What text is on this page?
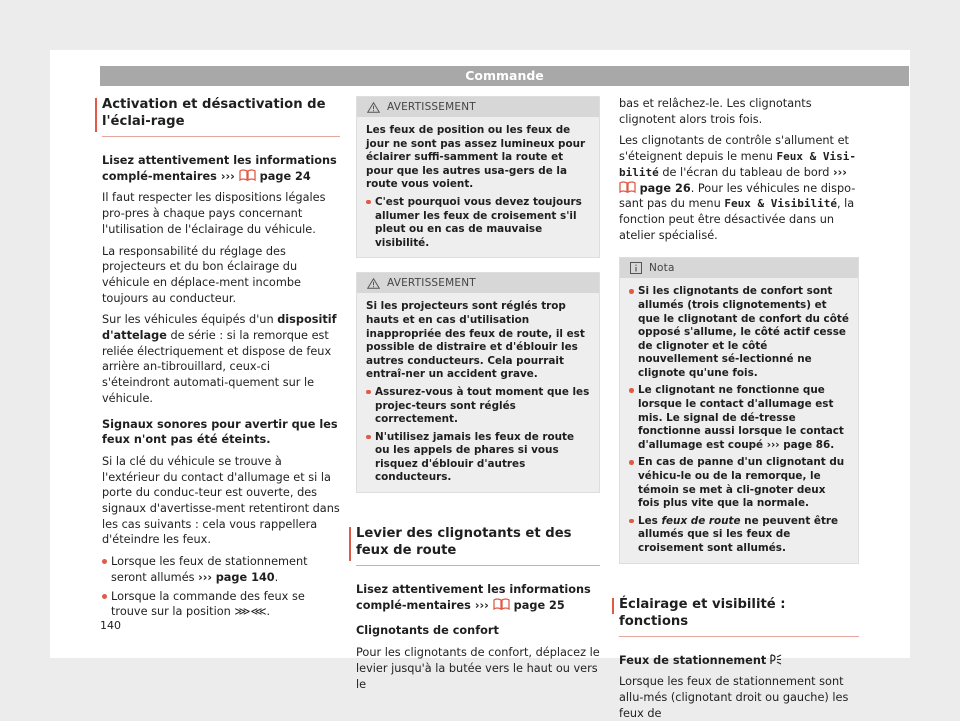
Commande
Activation et désactivation de l'éclai-rage

Lisez attentivement les informations complé-mentaires ››› page 24

Il faut respecter les dispositions légales pro-pres à chaque pays concernant l'utilisation de l'éclairage du véhicule.

La responsabilité du réglage des projecteurs et du bon éclairage du véhicule en déplace-ment incombe toujours au conducteur.

Sur les véhicules équipés d'un dispositif d'attelage de série : si la remorque est reliée électriquement et dispose de feux arrière an-tibrouillard, ceux-ci s'éteindront automati-quement sur le véhicule.

Signaux sonores pour avertir que les feux n'ont pas été éteints.

Si la clé du véhicule se trouve à l'extérieur du contact d'allumage et si la porte du conduc-teur est ouverte, des signaux d'avertisse-ment retentiront dans les cas suivants : cela vous rappellera d'éteindre les feux.

Lorsque les feux de stationnement seront allumés ››› page 140.

Lorsque la commande des feux se trouve sur la position ⋙⋘.

AVERTISSEMENT

Les feux de position ou les feux de jour ne sont pas assez lumineux pour éclairer suffi-samment la route et pour que les autres usa-gers de la route vous voient.

C'est pourquoi vous devez toujours allumer les feux de croisement s'il pleut ou en cas de mauvaise visibilité.

AVERTISSEMENT

Si les projecteurs sont réglés trop hauts et en cas d'utilisation inappropriée des feux de route, il est possible de distraire et d'éblouir les autres conducteurs. Cela pourrait entraî-ner un accident grave.

Assurez-vous à tout moment que les projec-teurs sont réglés correctement.

N'utilisez jamais les feux de route ou les appels de phares si vous risquez d'éblouir d'autres conducteurs.

Levier des clignotants et des feux de route

Lisez attentivement les informations complé-mentaires ››› page 25

Clignotants de confort

Pour les clignotants de confort, déplacez le levier jusqu'à la butée vers le haut ou vers le

bas et relâchez-le. Les clignotants clignotent alors trois fois.

Les clignotants de contrôle s'allument et s'éteignent depuis le menu Feux & Visi-bilité de l'écran du tableau de bord ›››  page 26. Pour les véhicules ne dispo-sant pas du menu Feux & Visibilité, la fonction peut être désactivée dans un atelier spécialisé.

Nota

Si les clignotants de confort sont allumés (trois clignotements) et que le clignotant de confort du côté opposé s'allume, le côté actif cesse de clignoter et le côté nouvellement sé-lectionné ne clignote qu'une fois.

Le clignotant ne fonctionne que lorsque le contact d'allumage est mis. Le signal de dé-tresse fonctionne aussi lorsque le contact d'allumage est coupé ››› page 86.

En cas de panne d'un clignotant du véhicu-le ou de la remorque, le témoin se met à cli-gnoter deux fois plus vite que la normale.

Les feux de route ne peuvent être allumés que si les feux de croisement sont allumés.

Éclairage et visibilité : fonctions

Feux de stationnement

Lorsque les feux de stationnement sont allu-més (clignotant droit ou gauche) les feux de

140
